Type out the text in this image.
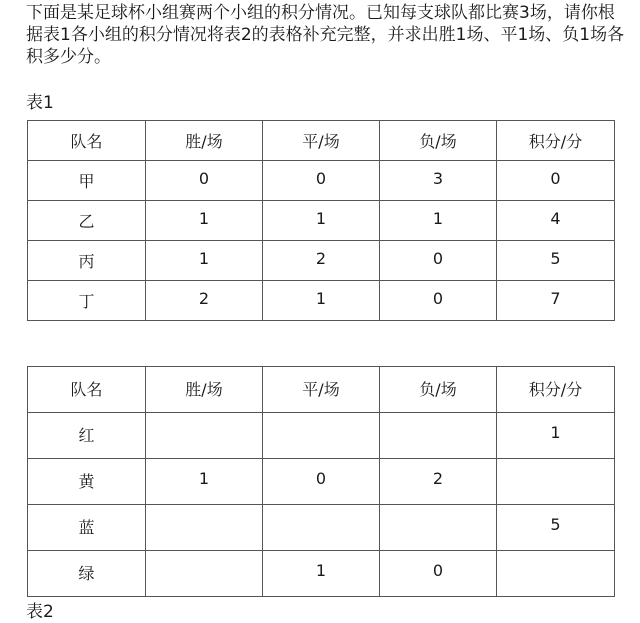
下面是某足球杯小组赛两个小组的积分情况。已知每支球队都比赛3场，请你根据表1各小组的积分情况将表2的表格补充完整，并求出胜1场、平1场、负1场各积多少分。

表1

队名	胜/场	平/场	负/场	积分/分
甲	0	0	3	0
乙	1	1	1	4
丙	1	2	0	5
丁	2	1	0	7
队名	胜/场	平/场	负/场	积分/分
红				1
黄	1	0	2	
蓝				5
绿		1	0	

表2
